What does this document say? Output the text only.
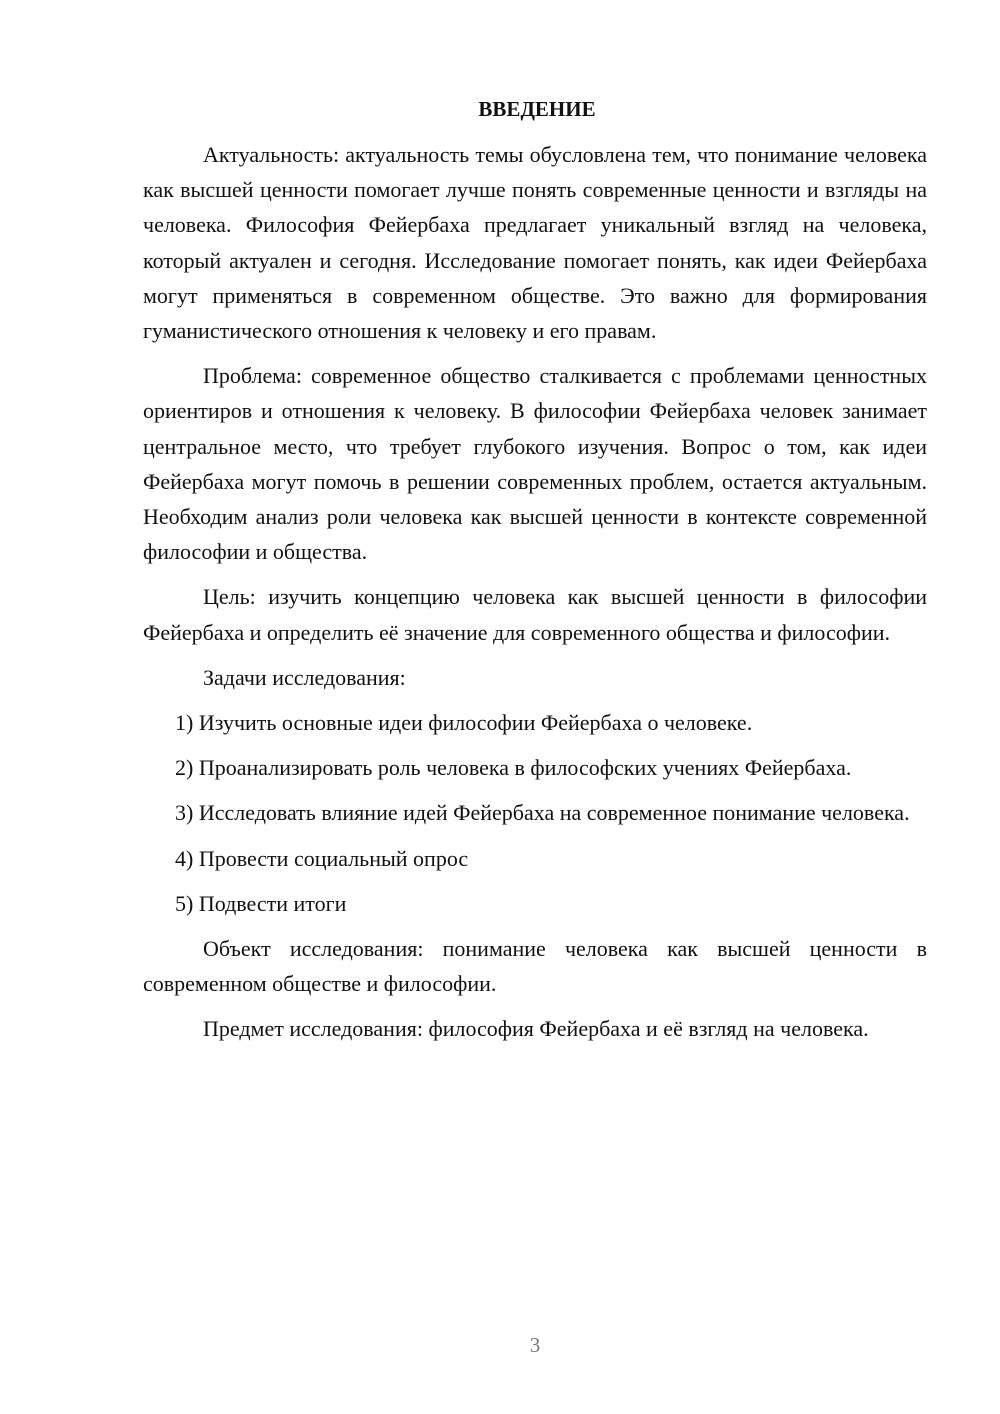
ВВЕДЕНИЕ

Актуальность: актуальность темы обусловлена тем, что понимание человека как высшей ценности помогает лучше понять современные ценности и взгляды на человека. Философия Фейербаха предлагает уникальный взгляд на человека, который актуален и сегодня. Исследование помогает понять, как идеи Фейербаха могут применяться в современном обществе. Это важно для формирования гуманистического отношения к человеку и его правам.

Проблема: современное общество сталкивается с проблемами ценностных ориентиров и отношения к человеку. В философии Фейербаха человек занимает центральное место, что требует глубокого изучения. Вопрос о том, как идеи Фейербаха могут помочь в решении современных проблем, остается актуальным. Необходим анализ роли человека как высшей ценности в контексте современной философии и общества.

Цель: изучить концепцию человека как высшей ценности в философии Фейербаха и определить её значение для современного общества и философии.

Задачи исследования:

1) Изучить основные идеи философии Фейербаха о человеке.

2) Проанализировать роль человека в философских учениях Фейербаха.

3) Исследовать влияние идей Фейербаха на современное понимание человека.

4) Провести социальный опрос

5) Подвести итоги

Объект исследования: понимание человека как высшей ценности в современном обществе и философии.

Предмет исследования: философия Фейербаха и её взгляд на человека.

3
